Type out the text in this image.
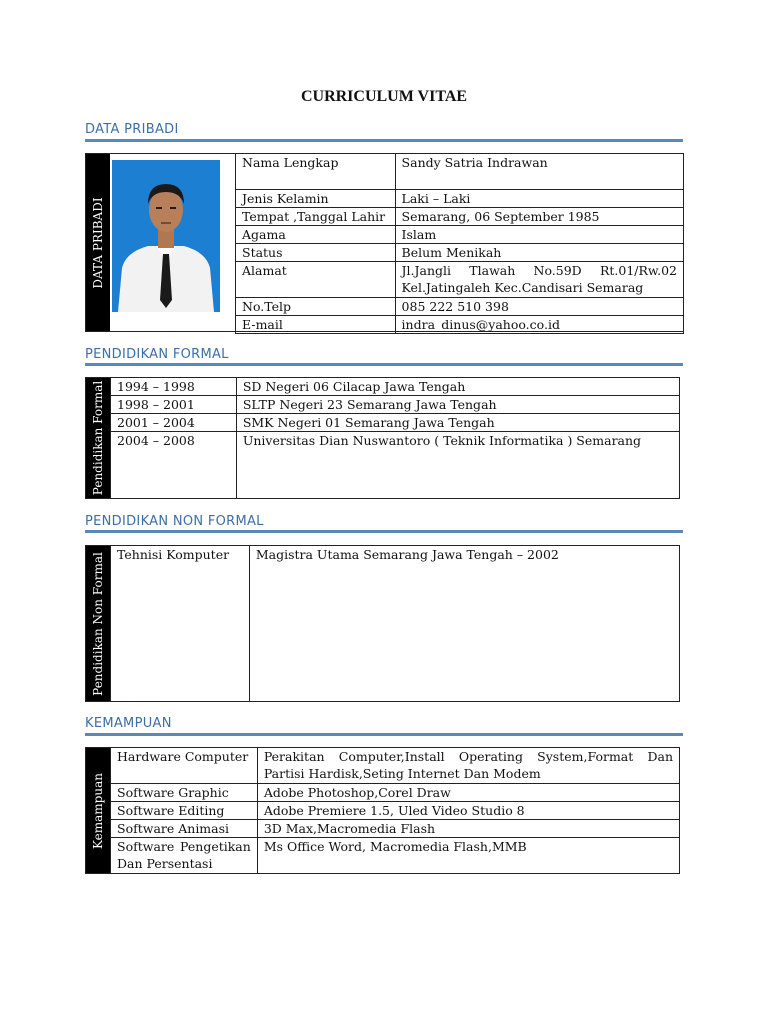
CURRICULUM VITAE
DATA PRIBADI
DATA PRIBADI
Nama Lengkap	Sandy Satria Indrawan
Jenis Kelamin	Laki – Laki
Tempat ,Tanggal Lahir	Semarang, 06 September 1985
Agama	Islam
Status	Belum Menikah
Alamat	Jl.Jangli Tlawah No.59D Rt.01/Rw.02 Kel.Jatingaleh Kec.Candisari Semarag
No.Telp	085 222 510 398
E-mail	indra_dinus@yahoo.co.id
PENDIDIKAN FORMAL
Pendidikan Formal 1994 – 1998	SD Negeri 06 Cilacap Jawa Tengah
1998 – 2001	SLTP Negeri 23 Semarang Jawa Tengah
2001 – 2004	SMK Negeri 01 Semarang Jawa Tengah
2004 – 2008	Universitas Dian Nuswantoro ( Teknik Informatika ) Semarang
PENDIDIKAN NON FORMAL
Pendidikan Non Formal Tehnisi Komputer	Magistra Utama Semarang Jawa Tengah – 2002
KEMAMPUAN
Kemampuan
Hardware Computer	Perakitan Computer,Install Operating System,Format Dan Partisi Hardisk,Seting Internet Dan Modem
Software Graphic	Adobe Photoshop,Corel Draw
Software Editing	Adobe Premiere 1.5, Uled Video Studio 8
Software Animasi	3D Max,Macromedia Flash
Software Pengetikan Dan Persentasi	Ms Office Word, Macromedia Flash,MMB
